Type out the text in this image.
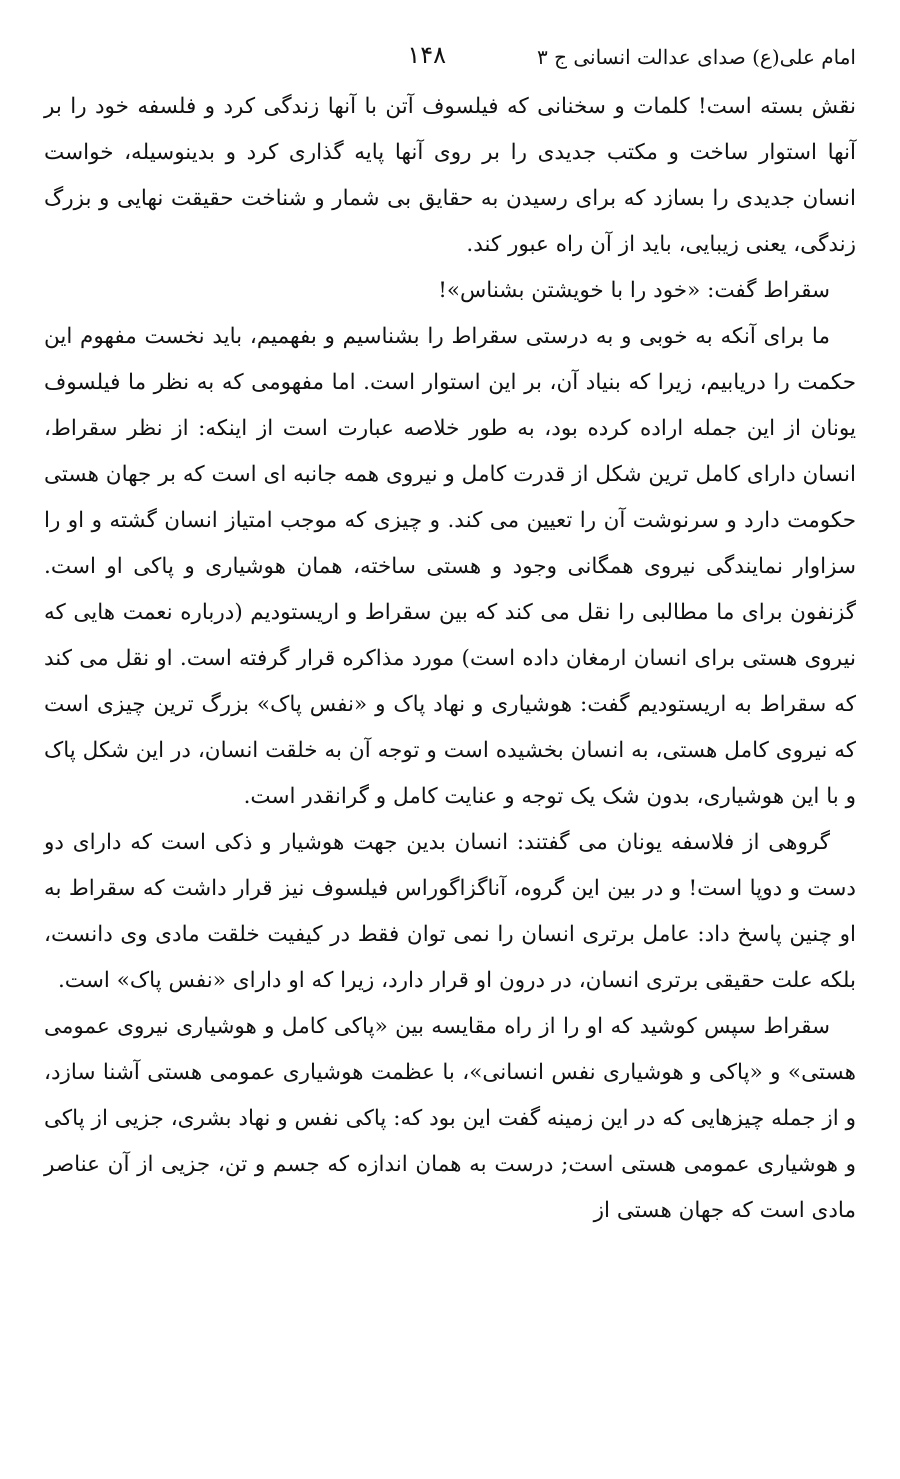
امام علی(ع) صدای عدالت انسانی ج ۳
۱۴۸

نقش بسته است! کلمات و سخنانی که فیلسوف آتن با آنها زندگی کرد و فلسفه خود را بر آنها استوار ساخت و مکتب جدیدی را بر روی آنها پایه گذاری کرد و بدینوسیله، خواست انسان جدیدی را بسازد که برای رسیدن به حقایق بی شمار و شناخت حقیقت نهایی و بزرگ زندگی، یعنی زیبایی، باید از آن راه عبور کند.

سقراط گفت: «خود را با خویشتن بشناس»!

ما برای آنکه به خوبی و به درستی سقراط را بشناسیم و بفهمیم، باید نخست مفهوم این حکمت را دریابیم، زیرا که بنیاد آن، بر این استوار است. اما مفهومی که به نظر ما فیلسوف یونان از این جمله اراده کرده بود، به طور خلاصه عبارت است از اینکه: از نظر سقراط، انسان دارای کامل ترین شکل از قدرت کامل و نیروی همه جانبه ای است که بر جهان هستی حکومت دارد و سرنوشت آن را تعیین می کند. و چیزی که موجب امتیاز انسان گشته و او را سزاوار نمایندگی نیروی همگانی وجود و هستی ساخته، همان هوشیاری و پاکی او است. گزنفون برای ما مطالبی را نقل می کند که بین سقراط و اریستودیم (درباره نعمت هایی که نیروی هستی برای انسان ارمغان داده است) مورد مذاکره قرار گرفته است. او نقل می کند که سقراط به اریستودیم گفت: هوشیاری و نهاد پاک و «نفس پاک» بزرگ ترین چیزی است که نیروی کامل هستی، به انسان بخشیده است و توجه آن به خلقت انسان، در این شکل پاک و با این هوشیاری، بدون شک یک توجه و عنایت کامل و گرانقدر است.

گروهی از فلاسفه یونان می گفتند: انسان بدین جهت هوشیار و ذکی است که دارای دو دست و دوپا است! و در بین این گروه، آناگزاگوراس فیلسوف نیز قرار داشت که سقراط به او چنین پاسخ داد: عامل برتری انسان را نمی توان فقط در کیفیت خلقت مادی وی دانست، بلکه علت حقیقی برتری انسان، در درون او قرار دارد، زیرا که او دارای «نفس پاک» است.

سقراط سپس کوشید که او را از راه مقایسه بین «پاکی کامل و هوشیاری نیروی عمومی هستی» و «پاکی و هوشیاری نفس انسانی»، با عظمت هوشیاری عمومی هستی آشنا سازد، و از جمله چیزهایی که در این زمینه گفت این بود که: پاکی نفس و نهاد بشری، جزیی از پاکی و هوشیاری عمومی هستی است; درست به همان اندازه که جسم و تن، جزیی از آن عناصر مادی است که جهان هستی از
